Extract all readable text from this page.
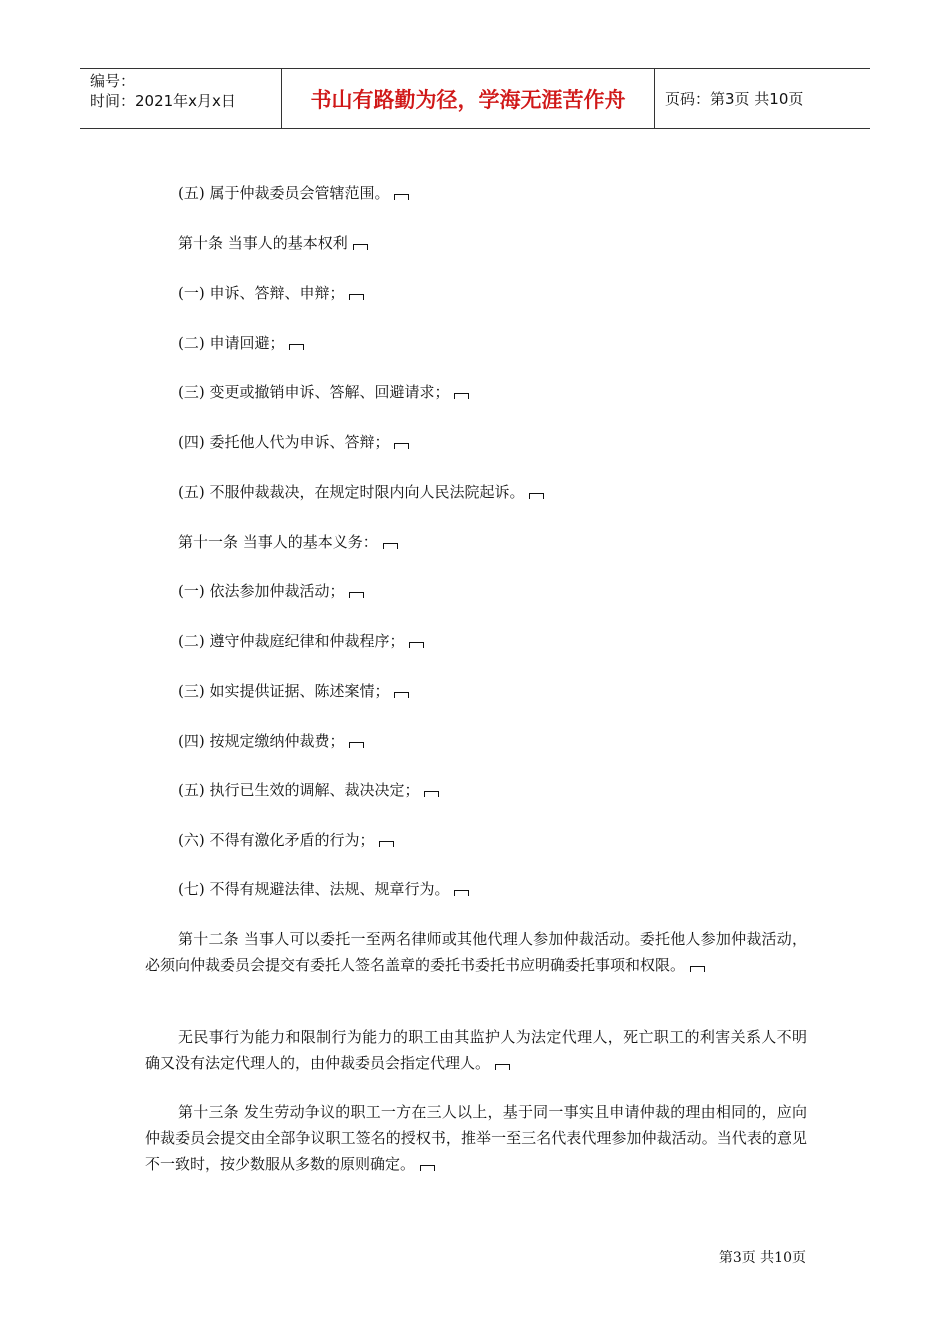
编号：
时间：2021年x月x日	书山有路勤为径，学海无涯苦作舟	页码：第3页 共10页
(五) 属于仲裁委员会管辖范围。
第十条 当事人的基本权利
(一) 申诉、答辩、申辩；
(二) 申请回避；
(三) 变更或撤销申诉、答解、回避请求；
(四) 委托他人代为申诉、答辩；
(五) 不服仲裁裁决，在规定时限内向人民法院起诉。
第十一条 当事人的基本义务：
(一) 依法参加仲裁活动；
(二) 遵守仲裁庭纪律和仲裁程序；
(三) 如实提供证据、陈述案情；
(四) 按规定缴纳仲裁费；
(五) 执行已生效的调解、裁决决定；
(六) 不得有激化矛盾的行为；
(七) 不得有规避法律、法规、规章行为。
第十二条 当事人可以委托一至两名律师或其他代理人参加仲裁活动。委托他人参加仲裁活动，必须向仲裁委员会提交有委托人签名盖章的委托书委托书应明确委托事项和权限。
无民事行为能力和限制行为能力的职工由其监护人为法定代理人，死亡职工的利害关系人不明确又没有法定代理人的，由仲裁委员会指定代理人。
第十三条 发生劳动争议的职工一方在三人以上，基于同一事实且申请仲裁的理由相同的，应向仲裁委员会提交由全部争议职工签名的授权书，推举一至三名代表代理参加仲裁活动。当代表的意见不一致时，按少数服从多数的原则确定。
第3页 共10页
